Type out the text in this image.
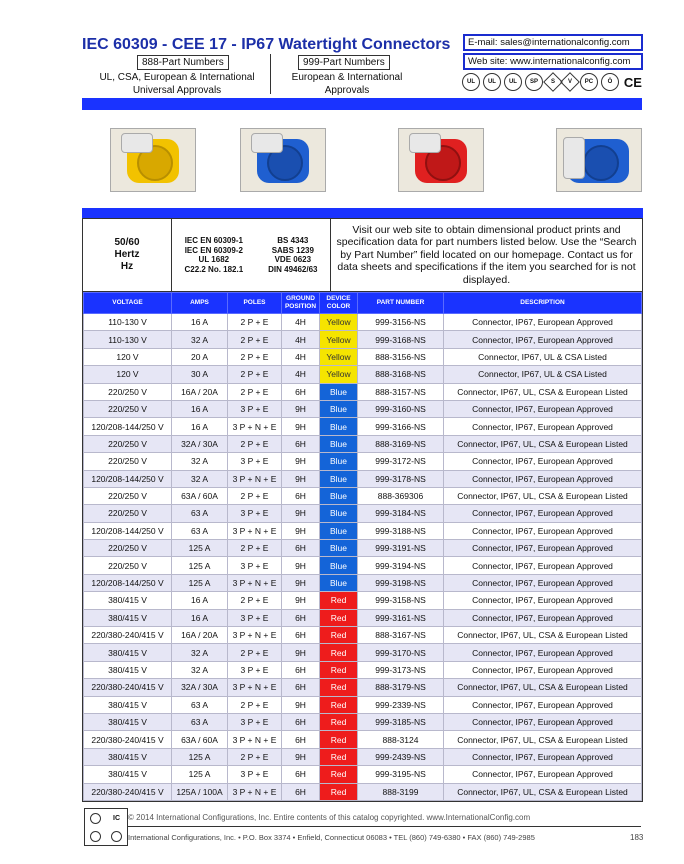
IEC 60309 - CEE 17 - IP67 Watertight Connectors
888-Part Numbers
UL, CSA, European & International
Universal Approvals
999-Part Numbers
European & International
Approvals
E-mail: sales@internationalconfig.com
Web site: www.internationalconfig.com
UL	UL	UL	SP	S V	PC	Ö CE
50/60
Hertz
Hz
IEC EN 60309-1
IEC EN 60309-2
UL 1682
C22.2 No. 182.1
BS 4343
SABS 1239
VDE 0623
DIN 49462/63
Visit our web site to obtain dimensional product prints and specification data for part numbers listed below. Use the “Search by Part Number” field located on our homepage. Contact us for data sheets and specifications if the item you searched for is not displayed.
VOLTAGE	AMPS	POLES	GROUND POSITION	DEVICE COLOR	PART NUMBER	DESCRIPTION
110-130 V	16 A	2 P + E	4H	Yellow	999-3156-NS	Connector, IP67, European Approved
110-130 V	32 A	2 P + E	4H	Yellow	999-3168-NS	Connector, IP67, European Approved
120 V	20 A	2 P + E	4H	Yellow	888-3156-NS	Connector, IP67, UL & CSA Listed
120 V	30 A	2 P + E	4H	Yellow	888-3168-NS	Connector, IP67, UL & CSA Listed
220/250 V	16A / 20A	2 P + E	6H	Blue	888-3157-NS	Connector, IP67, UL, CSA & European Listed
220/250 V	16 A	3 P + E	9H	Blue	999-3160-NS	Connector, IP67, European Approved
120/208-144/250 V	16 A	3 P + N + E	9H	Blue	999-3166-NS	Connector, IP67, European Approved
220/250 V	32A / 30A	2 P + E	6H	Blue	888-3169-NS	Connector, IP67, UL, CSA & European Listed
220/250 V	32 A	3 P + E	9H	Blue	999-3172-NS	Connector, IP67, European Approved
120/208-144/250 V	32 A	3 P + N + E	9H	Blue	999-3178-NS	Connector, IP67, European Approved
220/250 V	63A / 60A	2 P + E	6H	Blue	888-369306	Connector, IP67, UL, CSA & European Listed
220/250 V	63 A	3 P + E	9H	Blue	999-3184-NS	Connector, IP67, European Approved
120/208-144/250 V	63 A	3 P + N + E	9H	Blue	999-3188-NS	Connector, IP67, European Approved
220/250 V	125 A	2 P + E	6H	Blue	999-3191-NS	Connector, IP67, European Approved
220/250 V	125 A	3 P + E	9H	Blue	999-3194-NS	Connector, IP67, European Approved
120/208-144/250 V	125 A	3 P + N + E	9H	Blue	999-3198-NS	Connector, IP67, European Approved
380/415 V	16 A	2 P + E	9H	Red	999-3158-NS	Connector, IP67, European Approved
380/415 V	16 A	3 P + E	6H	Red	999-3161-NS	Connector, IP67, European Approved
220/380-240/415 V	16A / 20A	3 P + N + E	6H	Red	888-3167-NS	Connector, IP67, UL, CSA & European Listed
380/415 V	32 A	2 P + E	9H	Red	999-3170-NS	Connector, IP67, European Approved
380/415 V	32 A	3 P + E	6H	Red	999-3173-NS	Connector, IP67, European Approved
220/380-240/415 V	32A / 30A	3 P + N + E	6H	Red	888-3179-NS	Connector, IP67, UL, CSA & European Listed
380/415 V	63 A	2 P + E	9H	Red	999-2339-NS	Connector, IP67, European Approved
380/415 V	63 A	3 P + E	6H	Red	999-3185-NS	Connector, IP67, European Approved
220/380-240/415 V	63A / 60A	3 P + N + E	6H	Red	888-3124	Connector, IP67, UL, CSA & European Listed
380/415 V	125 A	2 P + E	9H	Red	999-2439-NS	Connector, IP67, European Approved
380/415 V	125 A	3 P + E	6H	Red	999-3195-NS	Connector, IP67, European Approved
220/380-240/415 V	125A / 100A	3 P + N + E	6H	Red	888-3199	Connector, IP67, UL, CSA & European Listed
IC	© 2014 International Configurations, Inc. Entire contents of this catalog copyrighted. www.InternationalConfig.com
International Configurations, Inc. • P.O. Box 3374 • Enfield, Connecticut 06083 • TEL (860) 749-6380 • FAX (860) 749-2985	183
